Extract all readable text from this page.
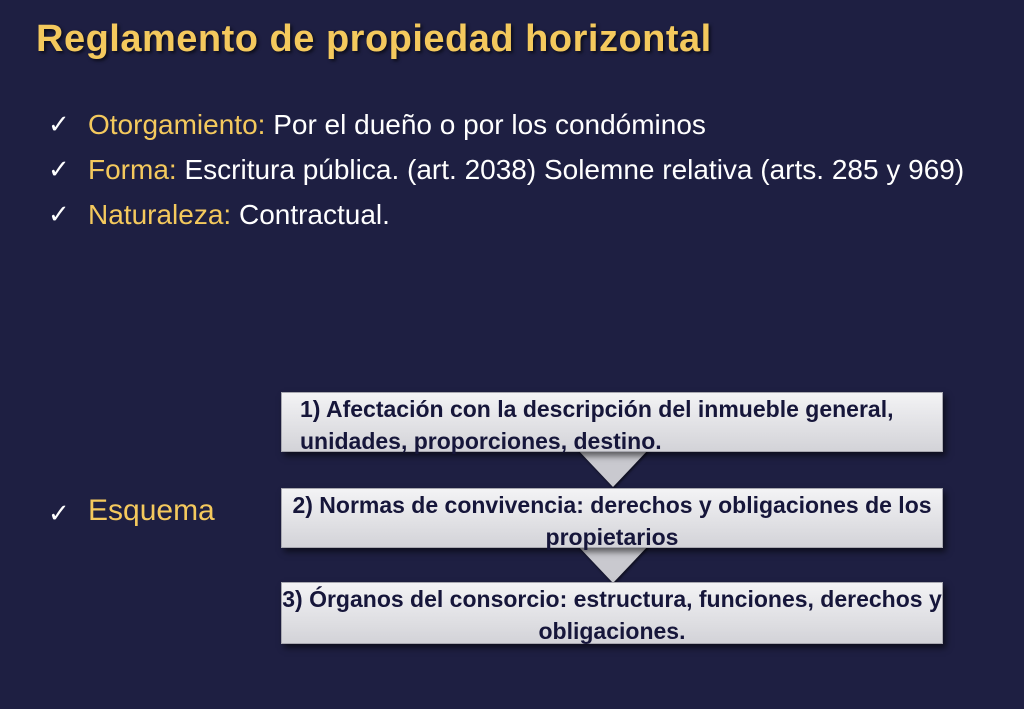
Reglamento de propiedad horizontal
✓ Otorgamiento: Por el dueño o por los condóminos
✓ Forma: Escritura pública. (art. 2038) Solemne relativa (arts. 285 y 969)
✓ Naturaleza: Contractual.
✓ Esquema
1) Afectación con la descripción del inmueble general, unidades, proporciones, destino.
2) Normas de convivencia: derechos y obligaciones de los propietarios
3) Órganos del consorcio: estructura, funciones, derechos y obligaciones.
